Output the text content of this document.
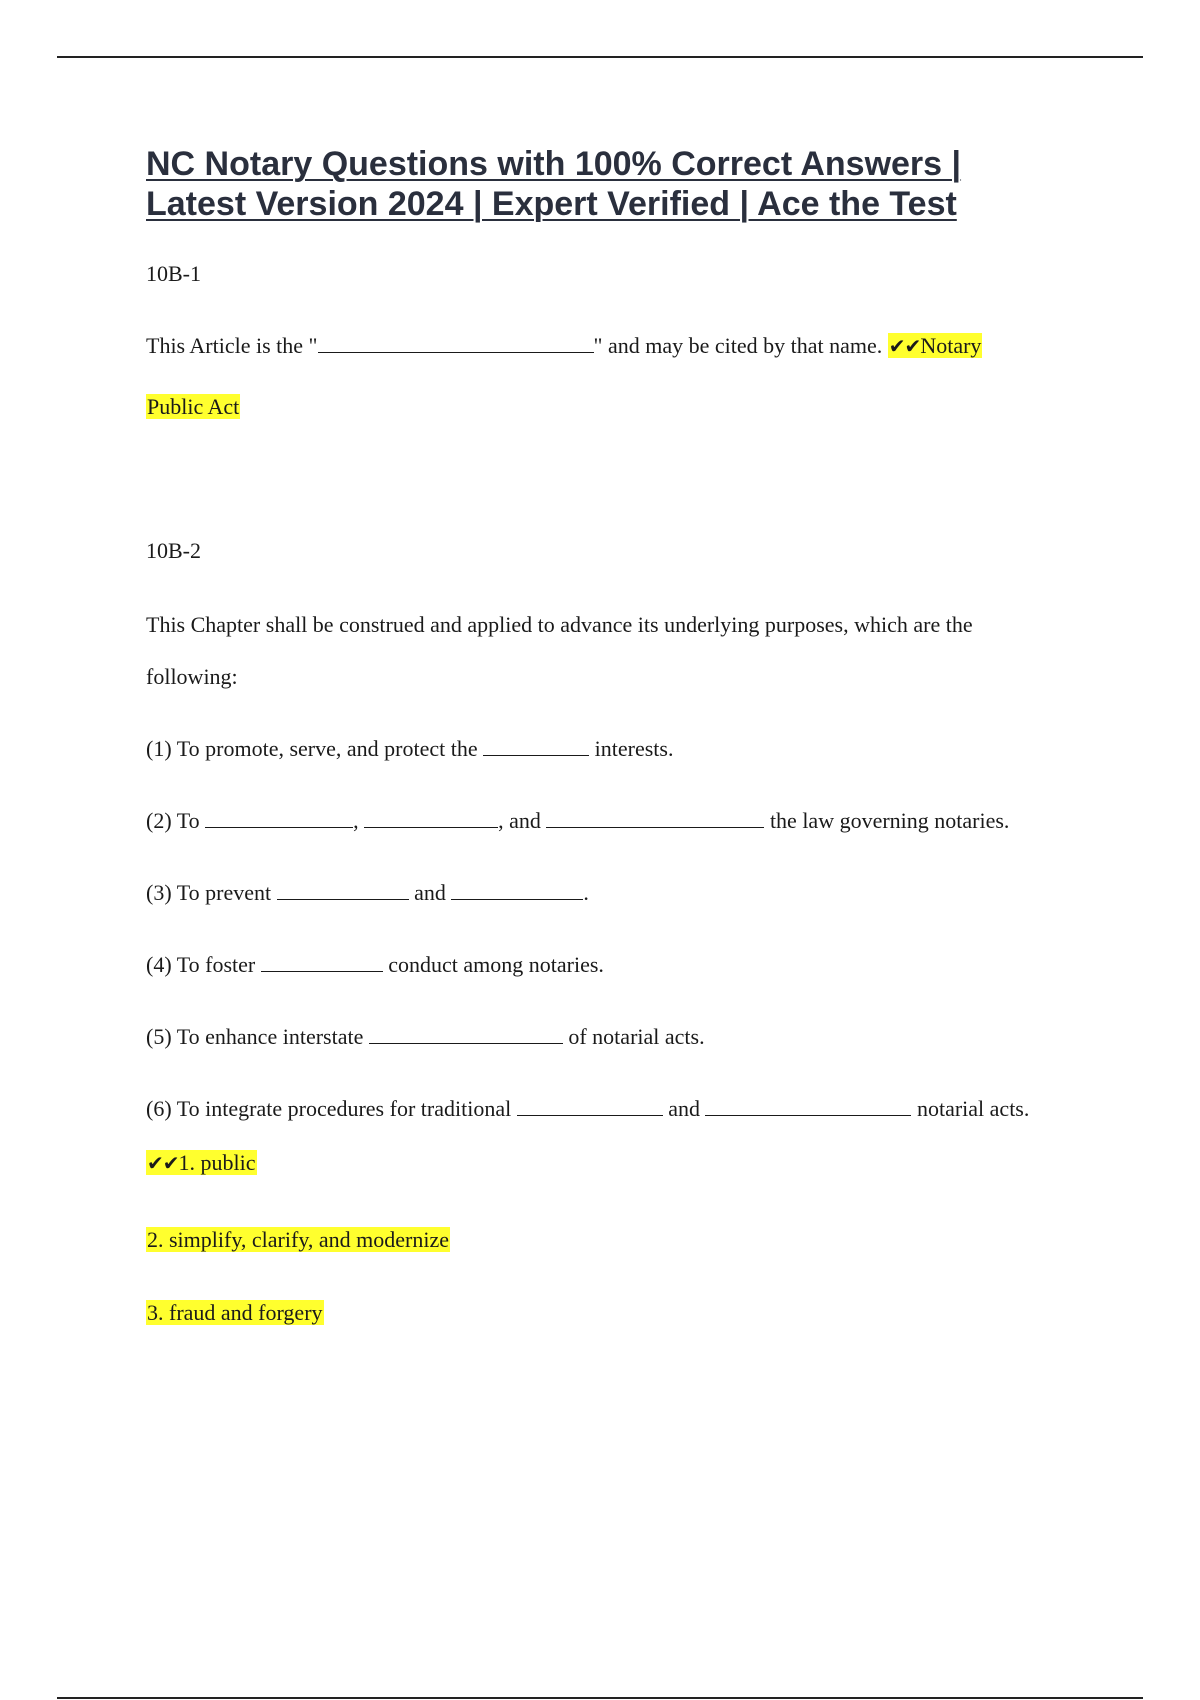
NC Notary Questions with 100% Correct Answers |
Latest Version 2024 | Expert Verified | Ace the Test
10B-1
This Article is the "	" and may be cited by that name. ✔✔Notary
Public Act
10B-2
This Chapter shall be construed and applied to advance its underlying purposes, which are the
following:
(1) To promote, serve, and protect the	interests.
(2) To	,	, and	the law governing notaries.
(3) To prevent	and	.
(4) To foster	conduct among notaries.
(5) To enhance interstate	of notarial acts.
(6) To integrate procedures for traditional	and	notarial acts.
✔✔1. public
2. simplify, clarify, and modernize
3. fraud and forgery
